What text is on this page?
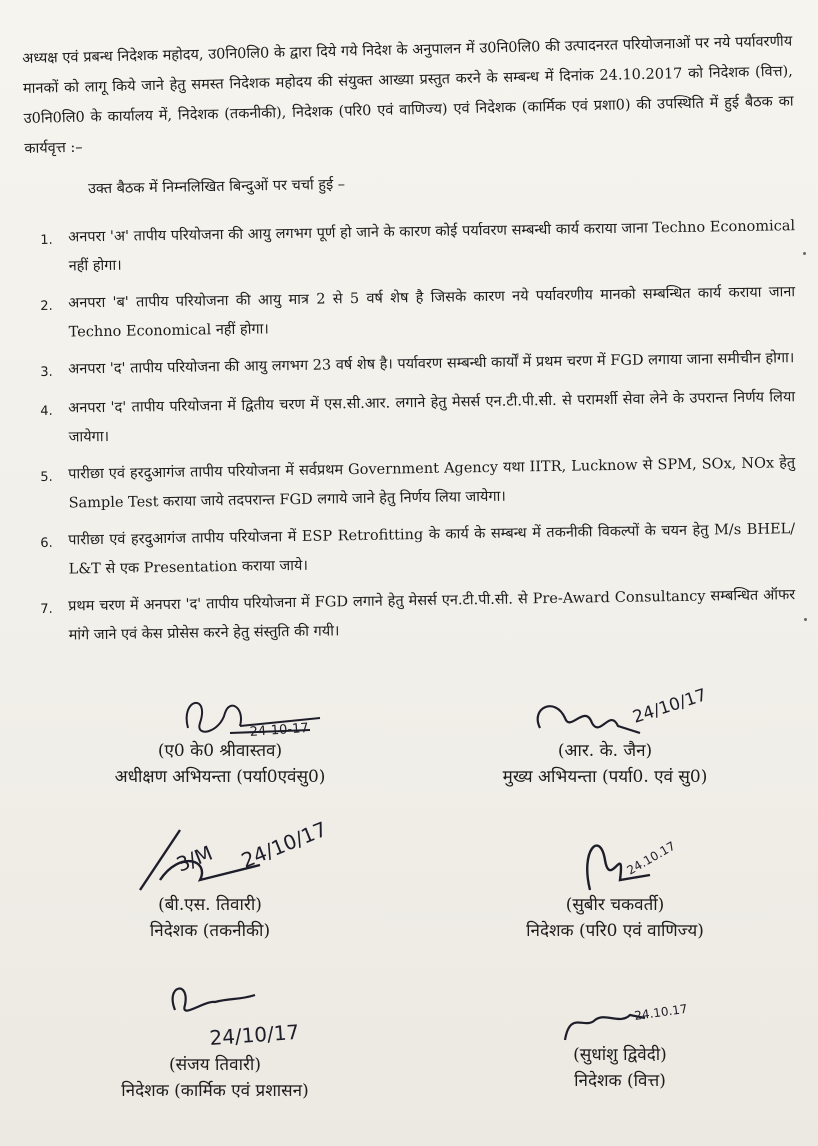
अध्यक्ष एवं प्रबन्ध निदेशक महोदय, उ0नि0लि0 के द्वारा दिये गये निदेश के अनुपालन में उ0नि0लि0 की उत्पादनरत परियोजनाओं पर नये पर्यावरणीय मानकों को लागू किये जाने हेतु समस्त निदेशक महोदय की संयुक्त आख्या प्रस्तुत करने के सम्बन्ध में दिनांक 24.10.2017 को निदेशक (वित्त), उ0नि0लि0 के कार्यालय में, निदेशक (तकनीकी), निदेशक (परि0 एवं वाणिज्य) एवं निदेशक (कार्मिक एवं प्रशा0) की उपस्थिति में हुई बैठक का कार्यवृत्त :–
उक्त बैठक में निम्नलिखित बिन्दुओं पर चर्चा हुई –
1.	अनपरा 'अ' तापीय परियोजना की आयु लगभग पूर्ण हो जाने के कारण कोई पर्यावरण सम्बन्धी कार्य कराया जाना Techno Economical नहीं होगा।
2.	अनपरा 'ब' तापीय परियोजना की आयु मात्र 2 से 5 वर्ष शेष है जिसके कारण नये पर्यावरणीय मानको सम्बन्धित कार्य कराया जाना Techno Economical नहीं होगा।
3.	अनपरा 'द' तापीय परियोजना की आयु लगभग 23 वर्ष शेष है। पर्यावरण सम्बन्धी कार्यों में प्रथम चरण में FGD लगाया जाना समीचीन होगा।
4.	अनपरा 'द' तापीय परियोजना में द्वितीय चरण में एस.सी.आर. लगाने हेतु मेसर्स एन.टी.पी.सी. से परामर्शी सेवा लेने के उपरान्त निर्णय लिया जायेगा।
5.	पारीछा एवं हरदुआगंज तापीय परियोजना में सर्वप्रथम Government Agency यथा IITR, Lucknow से SPM, SOx, NOx हेतु Sample Test कराया जाये तदपरान्त FGD लगाये जाने हेतु निर्णय लिया जायेगा।
6.	पारीछा एवं हरदुआगंज तापीय परियोजना में ESP Retrofitting के कार्य के सम्बन्ध में तकनीकी विकल्पों के चयन हेतु M/s BHEL/ L&T से एक Presentation कराया जाये।
7.	प्रथम चरण में अनपरा 'द' तापीय परियोजना में FGD लगाने हेतु मेसर्स एन.टी.पी.सी. से Pre-Award Consultancy सम्बन्धित ऑफर मांगे जाने एवं केस प्रोसेस करने हेतु संस्तुति की गयी।
24-10-17
(ए0 के0 श्रीवास्तव)
अधीक्षण अभियन्ता (पर्या0एवंसु0)
24/10/17
(आर. के. जैन)
मुख्य अभियन्ता (पर्या0. एवं सु0)
3/M 24/10/17
(बी.एस. तिवारी)
निदेशक (तकनीकी)
24.10.17
(सुबीर चकवर्ती)
निदेशक (परि0 एवं वाणिज्य)
24/10/17
(संजय तिवारी)
निदेशक (कार्मिक एवं प्रशासन)
24.10.17
(सुधांशु द्विवेदी)
निदेशक (वित्त)
